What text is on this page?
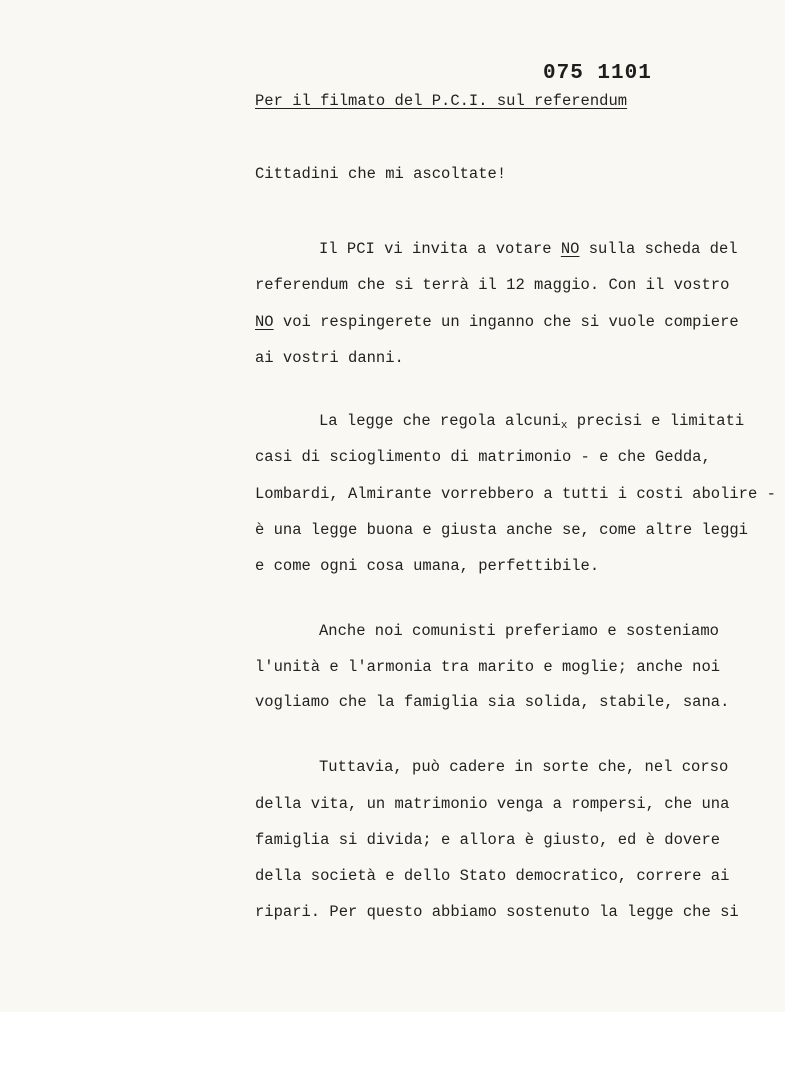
075 1101
Per il filmato del P.C.I. sul referendum
Cittadini che mi ascoltate!
Il PCI vi invita a votare NO sulla scheda del
referendum che si terrà il 12 maggio. Con il vostro
NO voi respingerete un inganno che si vuole compiere
ai vostri danni.
La legge che regola alcunix precisi e limitati
casi di scioglimento di matrimonio - e che Gedda,
Lombardi, Almirante vorrebbero a tutti i costi abolire -
è una legge buona e giusta anche se, come altre leggi
e come ogni cosa umana, perfettibile.
Anche noi comunisti preferiamo e sosteniamo
l'unità e l'armonia tra marito e moglie; anche noi
vogliamo che la famiglia sia solida, stabile, sana.
Tuttavia, può cadere in sorte che, nel corso
della vita, un matrimonio venga a rompersi, che una
famiglia si divida; e allora è giusto, ed è dovere
della società e dello Stato democratico, correre ai
ripari. Per questo abbiamo sostenuto la legge che si
